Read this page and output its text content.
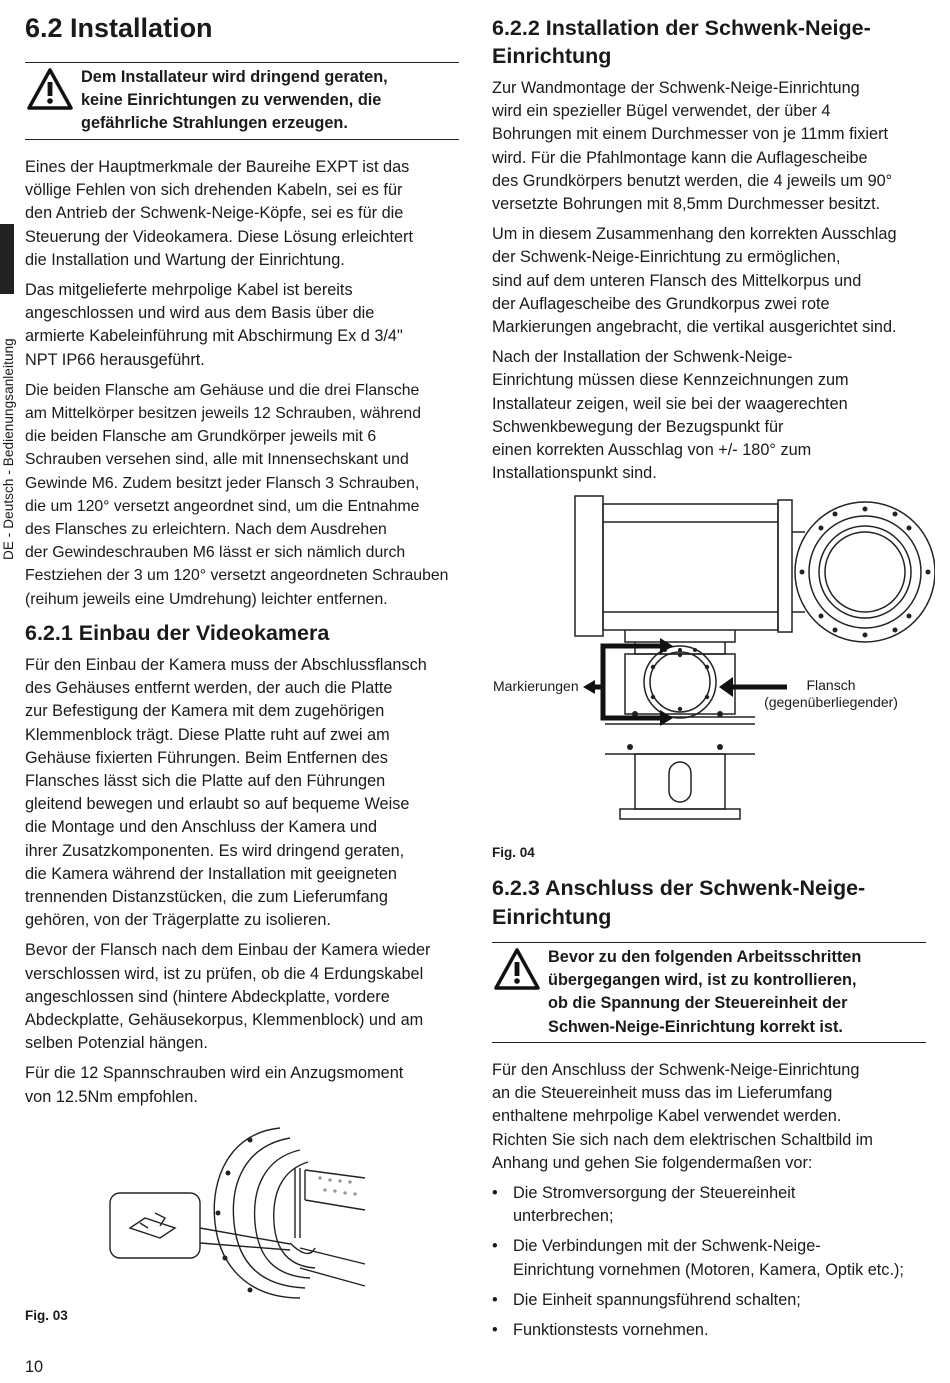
DE - Deutsch - Bedienungsanleitung
6.2 Installation
Dem Installateur wird dringend geraten,
keine Einrichtungen zu verwenden, die
gefährliche Strahlungen erzeugen.

Eines der Hauptmerkmale der Baureihe EXPT ist das
völlige Fehlen von sich drehenden Kabeln, sei es für
den Antrieb der Schwenk-Neige-Köpfe, sei es für die
Steuerung der Videokamera. Diese Lösung erleichtert
die Installation und Wartung der Einrichtung.

Das mitgelieferte mehrpolige Kabel ist bereits
angeschlossen und wird aus dem Basis über die
armierte Kabeleinführung mit Abschirmung Ex d 3/4"
NPT IP66 herausgeführt.

Die beiden Flansche am Gehäuse und die drei Flansche
am Mittelkörper besitzen jeweils 12 Schrauben, während
die beiden Flansche am Grundkörper jeweils mit 6
Schrauben versehen sind, alle mit Innensechskant und
Gewinde M6. Zudem besitzt jeder Flansch 3 Schrauben,
die um 120° versetzt angeordnet sind, um die Entnahme
des Flansches zu erleichtern. Nach dem Ausdrehen
der Gewindeschrauben M6 lässt er sich nämlich durch
Festziehen der 3 um 120° versetzt angeordneten Schrauben
(reihum jeweils eine Umdrehung) leichter entfernen.

6.2.1 Einbau der Videokamera

Für den Einbau der Kamera muss der Abschlussflansch
des Gehäuses entfernt werden, der auch die Platte
zur Befestigung der Kamera mit dem zugehörigen
Klemmenblock trägt. Diese Platte ruht auf zwei am
Gehäuse fixierten Führungen. Beim Entfernen des
Flansches lässt sich die Platte auf den Führungen
gleitend bewegen und erlaubt so auf bequeme Weise
die Montage und den Anschluss der Kamera und
ihrer Zusatzkomponenten. Es wird dringend geraten,
die Kamera während der Installation mit geeigneten
trennenden Distanzstücken, die zum Lieferumfang
gehören, von der Trägerplatte zu isolieren.

Bevor der Flansch nach dem Einbau der Kamera wieder
verschlossen wird, ist zu prüfen, ob die 4 Erdungskabel
angeschlossen sind (hintere Abdeckplatte, vordere
Abdeckplatte, Gehäusekorpus, Klemmenblock) und am
selben Potenzial hängen.

Für die 12 Spannschrauben wird ein Anzugsmoment
von 12.5Nm empfohlen.

Fig. 03
6.2.2 Installation der Schwenk-Neige-
Einrichtung

Zur Wandmontage der Schwenk-Neige-Einrichtung
wird ein spezieller Bügel verwendet, der über 4
Bohrungen mit einem Durchmesser von je 11mm fixiert
wird. Für die Pfahlmontage kann die Auflagescheibe
des Grundkörpers benutzt werden, die 4 jeweils um 90°
versetzte Bohrungen mit 8,5mm Durchmesser besitzt.

Um in diesem Zusammenhang den korrekten Ausschlag
der Schwenk-Neige-Einrichtung zu ermöglichen,
sind auf dem unteren Flansch des Mittelkorpus und
der Auflagescheibe des Grundkorpus zwei rote
Markierungen angebracht, die vertikal ausgerichtet sind.

Nach der Installation der Schwenk-Neige-
Einrichtung müssen diese Kennzeichnungen zum
Installateur zeigen, weil sie bei der waagerechten
Schwenkbewegung der Bezugspunkt für
einen korrekten Ausschlag von +/- 180° zum
Installationspunkt sind.

Markierungen	Flansch
(gegenüberliegender)
Fig. 04
6.2.3 Anschluss der Schwenk-Neige-
Einrichtung
Bevor zu den folgenden Arbeitsschritten
übergegangen wird, ist zu kontrollieren,
ob die Spannung der Steuereinheit der
Schwen-Neige-Einrichtung korrekt ist.

Für den Anschluss der Schwenk-Neige-Einrichtung
an die Steuereinheit muss das im Lieferumfang
enthaltene mehrpolige Kabel verwendet werden.
Richten Sie sich nach dem elektrischen Schaltbild im
Anhang und gehen Sie folgendermaßen vor:

• Die Stromversorgung der Steuereinheit
unterbrechen;
• Die Verbindungen mit der Schwenk-Neige-
Einrichtung vornehmen (Motoren, Kamera, Optik etc.);
• Die Einheit spannungsführend schalten;
• Funktionstests vornehmen.
10
